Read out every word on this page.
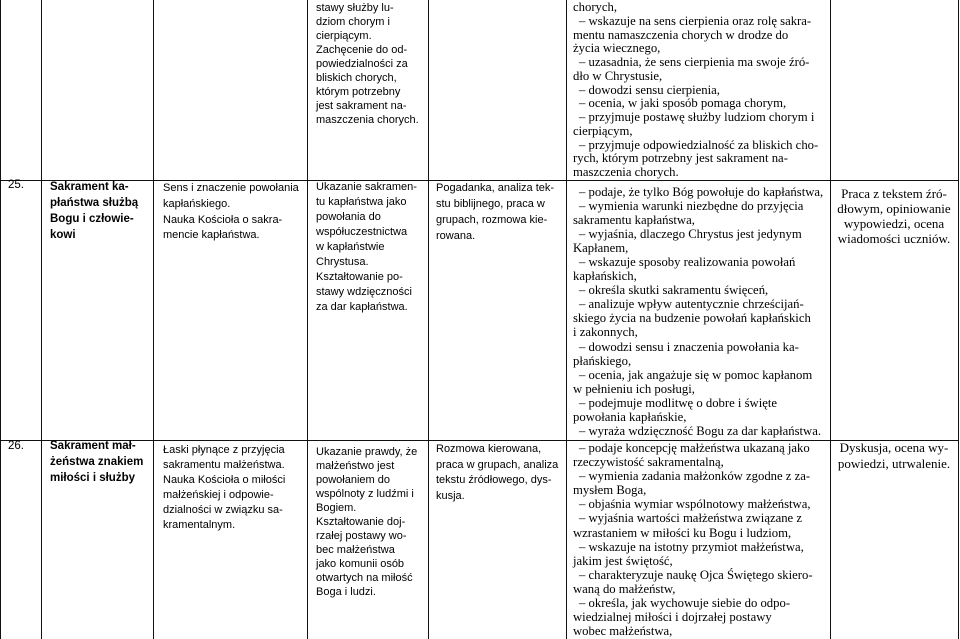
stawy służby lu-
dziom chorym i
cierpiącym.
Zachęcenie do od-
powiedzialności za
bliskich chorych,
którym potrzebny
jest sakrament na-
maszczenia chorych.
chorych,
– wskazuje na sens cierpienia oraz rolę sakra-
mentu namaszczenia chorych w drodze do
życia wiecznego,
– uzasadnia, że sens cierpienia ma swoje źró-
dło w Chrystusie,
– dowodzi sensu cierpienia,
– ocenia, w jaki sposób pomaga chorym,
– przyjmuje postawę służby ludziom chorym i
cierpiącym,
– przyjmuje odpowiedzialność za bliskich cho-
rych, którym potrzebny jest sakrament na-
maszczenia chorych.
25.	Sakrament ka-
płaństwa służbą
Bogu i człowie-
kowi
Sens i znaczenie powołania
kapłańskiego.
Nauka Kościoła o sakra-
mencie kapłaństwa.
Ukazanie sakramen-
tu kapłaństwa jako
powołania do
współuczestnictwa
w kapłaństwie
Chrystusa.
Kształtowanie po-
stawy wdzięczności
za dar kapłaństwa.
Pogadanka, analiza tek-
stu biblijnego, praca w
grupach, rozmowa kie-
rowana.
– podaje, że tylko Bóg powołuje do kapłaństwa,
– wymienia warunki niezbędne do przyjęcia
sakramentu kapłaństwa,
– wyjaśnia, dlaczego Chrystus jest jedynym
Kapłanem,
– wskazuje sposoby realizowania powołań
kapłańskich,
– określa skutki sakramentu święceń,
– analizuje wpływ autentycznie chrześcijań-
skiego życia na budzenie powołań kapłańskich
i zakonnych,
– dowodzi sensu i znaczenia powołania ka-
płańskiego,
– ocenia, jak angażuje się w pomoc kapłanom
w pełnieniu ich posługi,
– podejmuje modlitwę o dobre i święte
powołania kapłańskie,
– wyraża wdzięczność Bogu za dar kapłaństwa.
Praca z tekstem źró-
dłowym, opiniowanie
wypowiedzi, ocena
wiadomości uczniów.
26.	Sakrament mał-
żeństwa znakiem
miłości i służby
Łaski płynące z przyjęcia
sakramentu małżeństwa.
Nauka Kościoła o miłości
małżeńskiej i odpowie-
dzialności w związku sa-
kramentalnym.
Ukazanie prawdy, że
małżeństwo jest
powołaniem do
wspólnoty z ludźmi i
Bogiem.
Kształtowanie doj-
rzałej postawy wo-
bec małżeństwa
jako komunii osób
otwartych na miłość
Boga i ludzi.
Rozmowa kierowana,
praca w grupach, analiza
tekstu źródłowego, dys-
kusja.
– podaje koncepcję małżeństwa ukazaną jako
rzeczywistość sakramentalną,
– wymienia zadania małżonków zgodne z za-
mysłem Boga,
– objaśnia wymiar wspólnotowy małżeństwa,
– wyjaśnia wartości małżeństwa związane z
wzrastaniem w miłości ku Bogu i ludziom,
– wskazuje na istotny przymiot małżeństwa,
jakim jest świętość,
– charakteryzuje naukę Ojca Świętego skiero-
waną do małżeństw,
– określa, jak wychowuje siebie do odpo-
wiedzialnej miłości i dojrzałej postawy
wobec małżeństwa,
Dyskusja, ocena wy-
powiedzi, utrwalenie.
